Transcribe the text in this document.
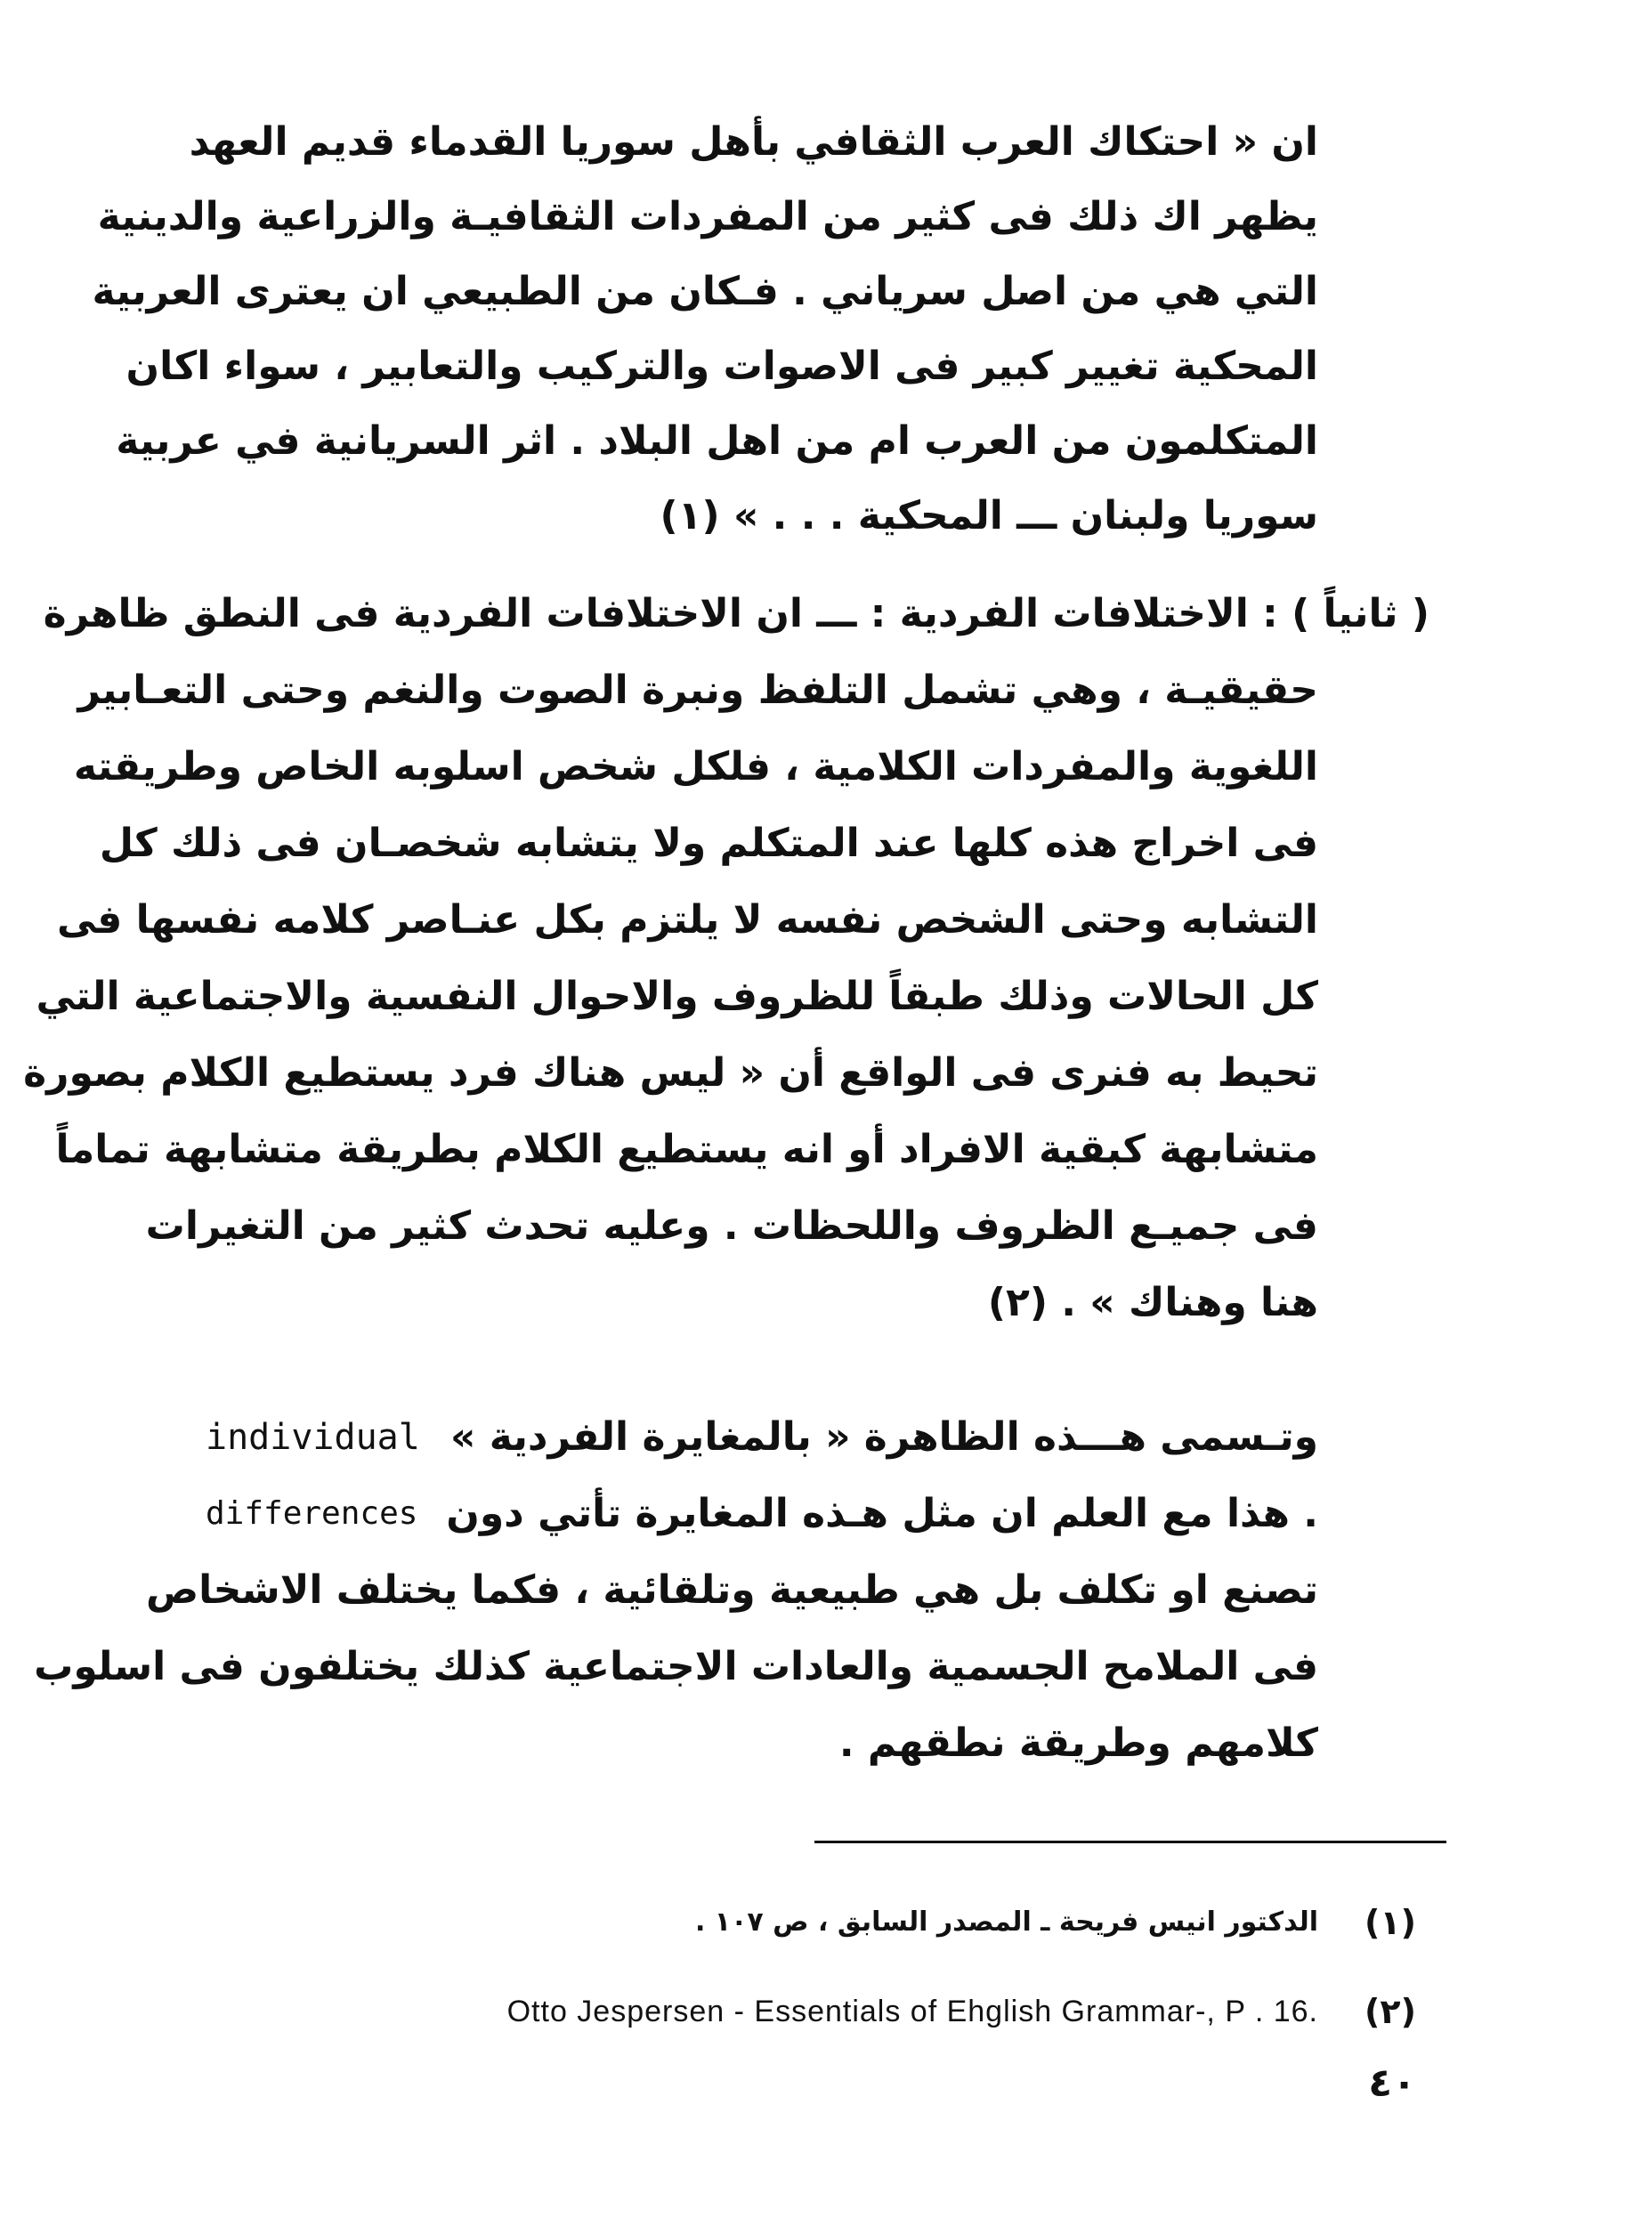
ان « احتكاك العرب الثقافي بأهل سوريا القدماء قديم العهد
يظهر اك ذلك فى كثير من المفردات الثقافيـة والزراعية والدينية
التي هي من اصل سرياني . فـكان من الطبيعي ان يعترى العربية
المحكية تغيير كبير فى الاصوات والتركيب والتعابير ، سواء اكان
المتكلمون من العرب ام من اهل البلاد . اثر السريانية في عربية
سوريا ولبنان ـــ المحكية . . . » (١)
( ثانياً ) : الاختلافات الفردية : ـــ ان الاختلافات الفردية فى النطق ظاهرة
حقيقيـة ، وهي تشمل التلفظ ونبرة الصوت والنغم وحتى التعـابير
اللغوية والمفردات الكلامية ، فلكل شخص اسلوبه الخاص وطريقته
فى اخراج هذه كلها عند المتكلم ولا يتشابه شخصـان فى ذلك كل
التشابه وحتى الشخص نفسه لا يلتزم بكل عنـاصر كلامه نفسها فى
كل الحالات وذلك طبقاً للظروف والاحوال النفسية والاجتماعية التي
تحيط به فنرى فى الواقع أن « ليس هناك فرد يستطيع الكلام بصورة
متشابهة كبقية الافراد أو انه يستطيع الكلام بطريقة متشابهة تماماً
فى جميـع الظروف واللحظات . وعليه تحدث كثير من التغيرات
هنا وهناك » . (٢)
وتـسمى هـــذه الظاهرة « بالمغايرة الفردية »
individual
. هذا مع العلم ان مثل هـذه المغايرة تأتي دون
differences
تصنع او تكلف بل هي طبيعية وتلقائية ، فكما يختلف الاشخاص
فى الملامح الجسمية والعادات الاجتماعية كذلك يختلفون فى اسلوب
كلامهم وطريقة نطقهم .
(١)
الدكتور انيس فريحة ـ المصدر السابق ، ص ١٠٧ .
(٢)
Otto Jespersen - Essentials of Ehglish Grammar-, P . 16.
٤٠
